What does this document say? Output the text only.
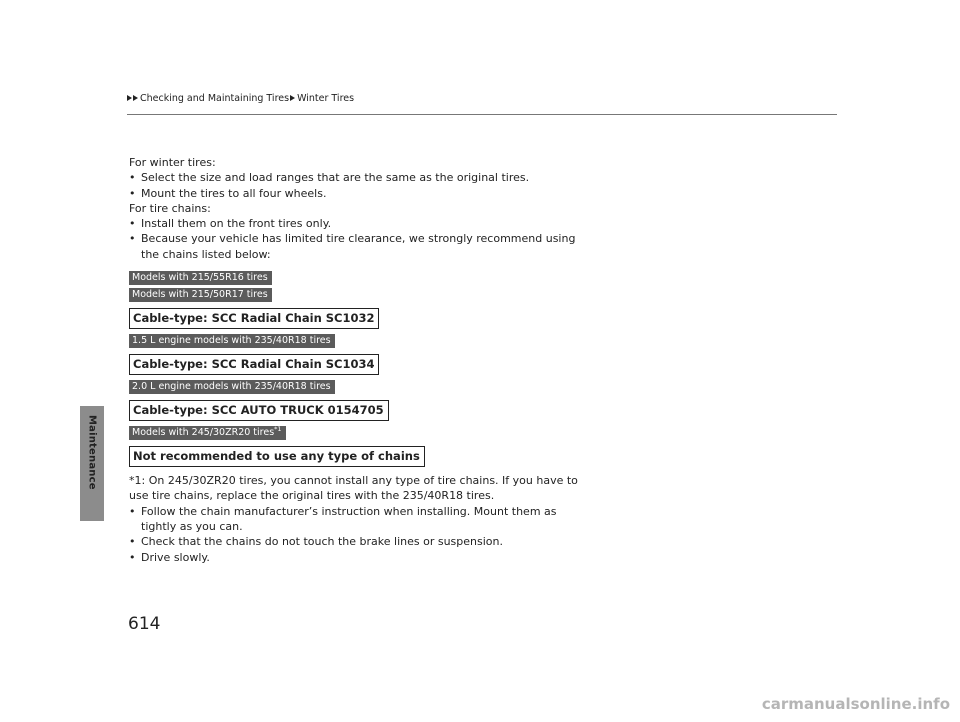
Maintenance
Checking and Maintaining Tires Winter Tires

For winter tires:

• Select the size and load ranges that are the same as the original tires.

• Mount the tires to all four wheels.

For tire chains:

• Install them on the front tires only.

• Because your vehicle has limited tire clearance, we strongly recommend using the chains listed below:

Models with 215/55R16 tires
Models with 215/50R17 tires
Cable-type: SCC Radial Chain SC1032
1.5 L engine models with 235/40R18 tires
Cable-type: SCC Radial Chain SC1034
2.0 L engine models with 235/40R18 tires
Cable-type: SCC AUTO TRUCK 0154705
Models with 245/30ZR20 tires$^{*1}$
Not recommended to use any type of chains

*1: On 245/30ZR20 tires, you cannot install any type of tire chains. If you have to use tire chains, replace the original tires with the 235/40R18 tires.

• Follow the chain manufacturer’s instruction when installing. Mount them as tightly as you can.

• Check that the chains do not touch the brake lines or suspension.

• Drive slowly.

614
carmanualsonline.info
